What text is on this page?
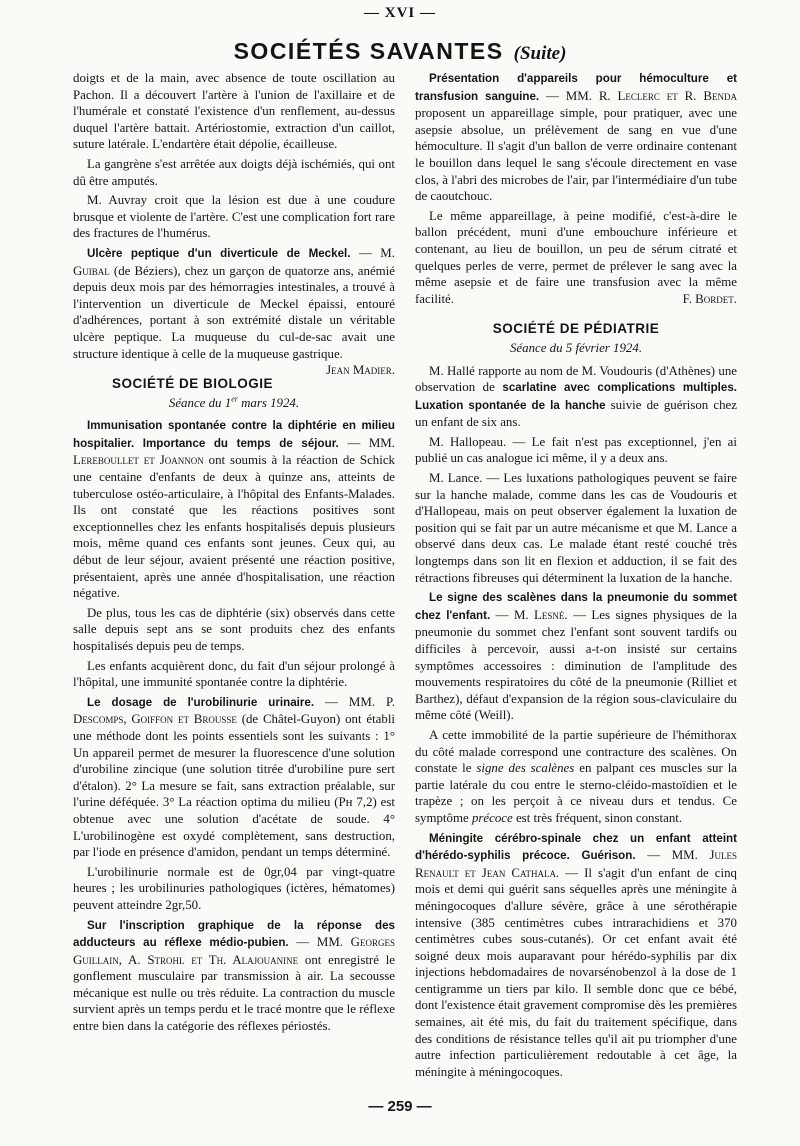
— XVI —
SOCIÉTÉS SAVANTES (Suite)

doigts et de la main, avec absence de toute oscillation au Pachon. Il a découvert l'artère à l'union de l'axillaire et de l'humérale et constaté l'existence d'un renflement, au-dessus duquel l'artère battait. Artériostomie, extraction d'un caillot, suture latérale. L'endartère était dépolie, écailleuse.

La gangrène s'est arrêtée aux doigts déjà ischémiés, qui ont dû être amputés.

M. Auvray croit que la lésion est due à une coudure brusque et violente de l'artère. C'est une complication fort rare des fractures de l'humérus.

Ulcère peptique d'un diverticule de Meckel. — M. Guibal (de Béziers), chez un garçon de quatorze ans, anémié depuis deux mois par des hémorragies intestinales, a trouvé à l'intervention un diverticule de Meckel épaissi, entouré d'adhérences, portant à son extrémité distale un véritable ulcère peptique. La muqueuse du cul-de-sac avait une structure identique à celle de la muqueuse gastrique.
Jean Madier.

SOCIÉTÉ DE BIOLOGIE
Séance du 1er mars 1924.

Immunisation spontanée contre la diphtérie en milieu hospitalier. Importance du temps de séjour. — MM. Lereboullet et Joannon ont soumis à la réaction de Schick une centaine d'enfants de deux à quinze ans, atteints de tuberculose ostéo-articulaire, à l'hôpital des Enfants-Malades. Ils ont constaté que les réactions positives sont exceptionnelles chez les enfants hospitalisés depuis plusieurs mois, même quand ces enfants sont jeunes. Ceux qui, au début de leur séjour, avaient présenté une réaction positive, présentaient, après une année d'hospitalisation, une réaction négative.

De plus, tous les cas de diphtérie (six) observés dans cette salle depuis sept ans se sont produits chez des enfants hospitalisés depuis peu de temps.

Les enfants acquièrent donc, du fait d'un séjour prolongé à l'hôpital, une immunité spontanée contre la diphtérie.

Le dosage de l'urobilinurie urinaire. — MM. P. Descomps, Goiffon et Brousse (de Châtel-Guyon) ont établi une méthode dont les points essentiels sont les suivants : 1° Un appareil permet de mesurer la fluorescence d'une solution d'urobiline zincique (une solution titrée d'urobiline pure sert d'étalon). 2° La mesure se fait, sans extraction préalable, sur l'urine déféquée. 3° La réaction optima du milieu (Pн 7,2) est obtenue avec une solution d'acétate de soude. 4° L'urobilinogène est oxydé complètement, sans destruction, par l'iode en présence d'amidon, pendant un temps déterminé.

L'urobilinurie normale est de 0gr,04 par vingt-quatre heures ; les urobilinuries pathologiques (ictères, hématomes) peuvent atteindre 2gr,50.

Sur l'inscription graphique de la réponse des adducteurs au réflexe médio-pubien. — MM. Georges Guillain, A. Strohl et Th. Alajouanine ont enregistré le gonflement musculaire par transmission à air. La secousse mécanique est nulle ou très réduite. La contraction du muscle survient après un temps perdu et le tracé montre que le réflexe entre bien dans la catégorie des réflexes périostés.

Présentation d'appareils pour hémoculture et transfusion sanguine. — MM. R. Leclerc et R. Benda proposent un appareillage simple, pour pratiquer, avec une asepsie absolue, un prélèvement de sang en vue d'une hémoculture. Il s'agit d'un ballon de verre ordinaire contenant le bouillon dans lequel le sang s'écoule directement en vase clos, à l'abri des microbes de l'air, par l'intermédiaire d'un tube de caoutchouc.

Le même appareillage, à peine modifié, c'est-à-dire le ballon précédent, muni d'une embouchure inférieure et contenant, au lieu de bouillon, un peu de sérum citraté et quelques perles de verre, permet de prélever le sang avec la même asepsie et de faire une transfusion avec la même facilité.	F. Bordet.

SOCIÉTÉ DE PÉDIATRIE
Séance du 5 février 1924.

M. Hallé rapporte au nom de M. Voudouris (d'Athènes) une observation de scarlatine avec complications multiples. Luxation spontanée de la hanche suivie de guérison chez un enfant de six ans.

M. Hallopeau. — Le fait n'est pas exceptionnel, j'en ai publié un cas analogue ici même, il y a deux ans.

M. Lance. — Les luxations pathologiques peuvent se faire sur la hanche malade, comme dans les cas de Voudouris et d'Hallopeau, mais on peut observer également la luxation de position qui se fait par un autre mécanisme et que M. Lance a observé dans deux cas. Le malade étant resté couché très longtemps dans son lit en flexion et adduction, il se fait des rétractions fibreuses qui déterminent la luxation de la hanche.

Le signe des scalènes dans la pneumonie du sommet chez l'enfant. — M. Lesné. — Les signes physiques de la pneumonie du sommet chez l'enfant sont souvent tardifs ou difficiles à percevoir, aussi a-t-on insisté sur certains symptômes accessoires : diminution de l'amplitude des mouvements respiratoires du côté de la pneumonie (Rilliet et Barthez), défaut d'expansion de la région sous-claviculaire du même côté (Weill).

A cette immobilité de la partie supérieure de l'hémithorax du côté malade correspond une contracture des scalènes. On constate le signe des scalènes en palpant ces muscles sur la partie latérale du cou entre le sterno-cléido-mastoïdien et le trapèze ; on les perçoit à ce niveau durs et tendus. Ce symptôme précoce est très fréquent, sinon constant.

Méningite cérébro-spinale chez un enfant atteint d'hérédo-syphilis précoce. Guérison. — MM. Jules Renault et Jean Cathala. — Il s'agit d'un enfant de cinq mois et demi qui guérit sans séquelles après une méningite à méningocoques d'allure sévère, grâce à une sérothérapie intensive (385 centimètres cubes intrarachidiens et 370 centimètres cubes sous-cutanés). Or cet enfant avait été soigné deux mois auparavant pour hérédo-syphilis par dix injections hebdomadaires de novarsénobenzol à la dose de 1 centigramme un tiers par kilo. Il semble donc que ce bébé, dont l'existence était gravement compromise dès les premières semaines, ait été mis, du fait du traitement spécifique, dans des conditions de résistance telles qu'il ait pu triompher d'une autre infection particulièrement redoutable à cet âge, la méningite à méningocoques.

— 259 —
